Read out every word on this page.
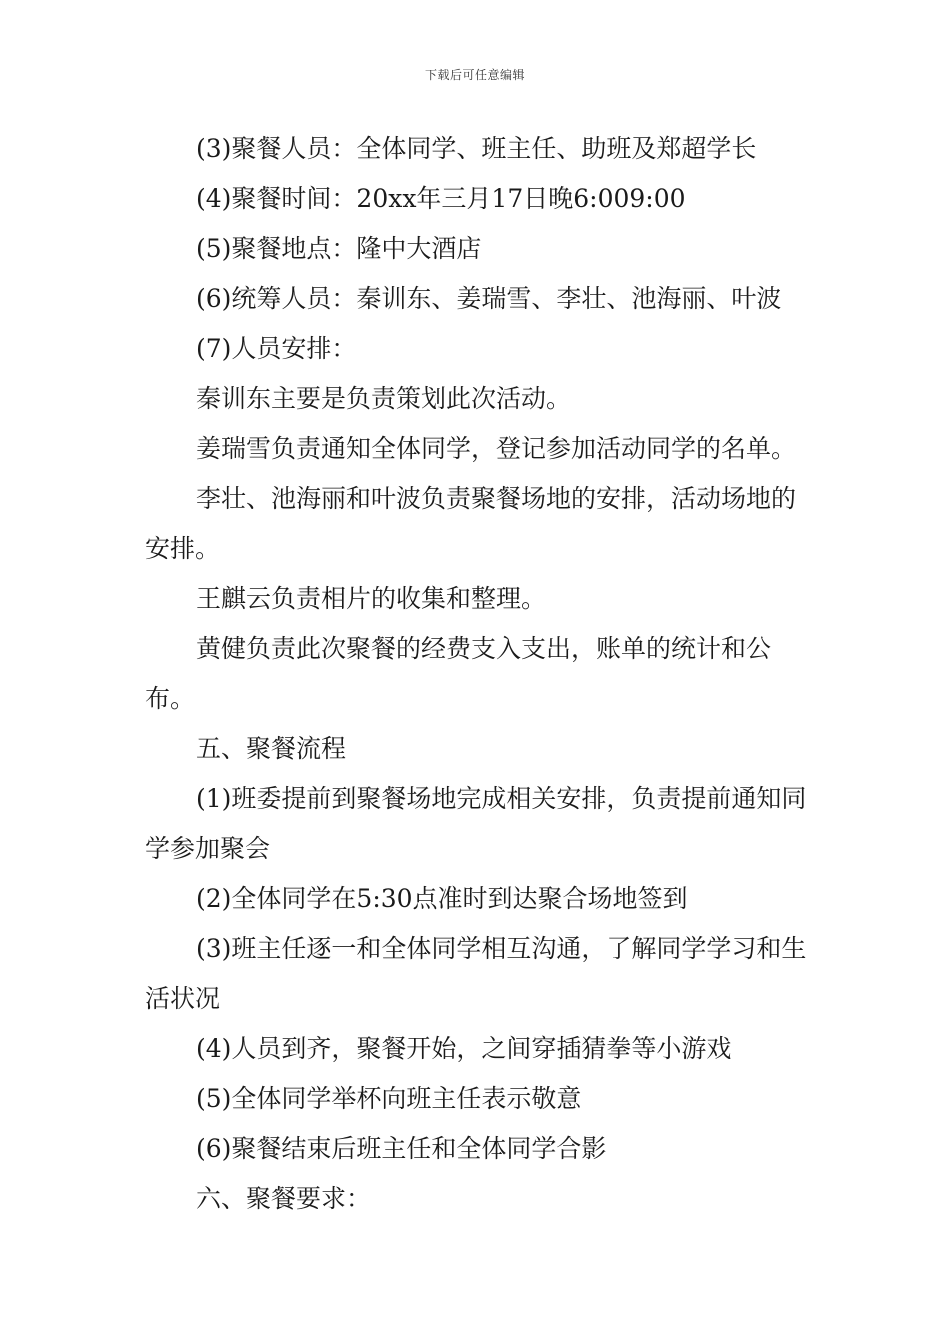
下载后可任意编辑

(3)聚餐人员：全体同学、班主任、助班及郑超学长

(4)聚餐时间：20xx年三月17日晚6:009:00

(5)聚餐地点：隆中大酒店

(6)统筹人员：秦训东、姜瑞雪、李壮、池海丽、叶波

(7)人员安排：

秦训东主要是负责策划此次活动。

姜瑞雪负责通知全体同学，登记参加活动同学的名单。

李壮、池海丽和叶波负责聚餐场地的安排，活动场地的安排。

王麒云负责相片的收集和整理。

黄健负责此次聚餐的经费支入支出，账单的统计和公布。

五、聚餐流程

(1)班委提前到聚餐场地完成相关安排，负责提前通知同学参加聚会

(2)全体同学在5:30点准时到达聚合场地签到

(3)班主任逐一和全体同学相互沟通，了解同学学习和生活状况

(4)人员到齐，聚餐开始，之间穿插猜拳等小游戏

(5)全体同学举杯向班主任表示敬意

(6)聚餐结束后班主任和全体同学合影

六、聚餐要求：
